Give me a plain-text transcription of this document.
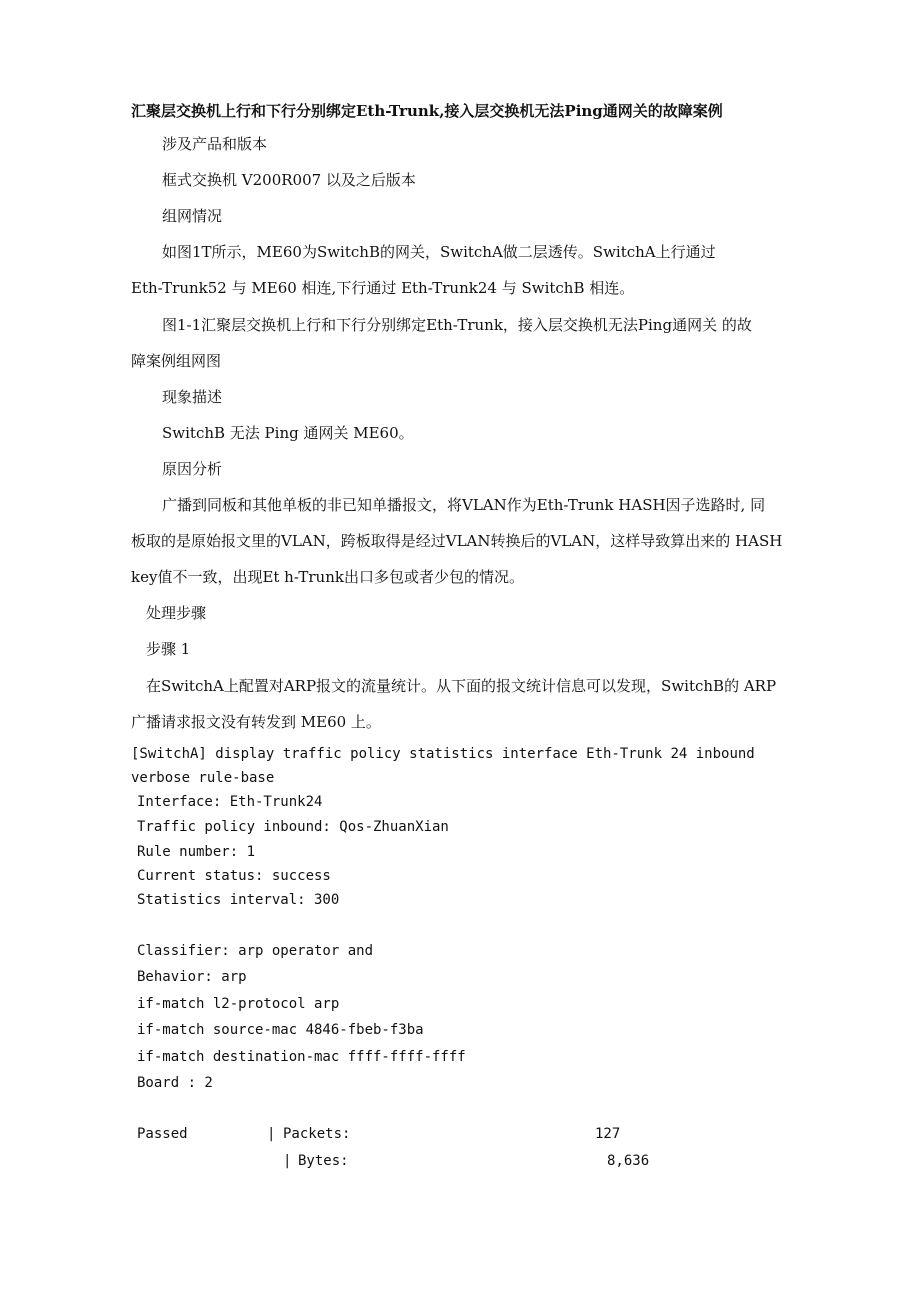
汇聚层交换机上行和下行分别绑定Eth-Trunk,接入层交换机无法Ping通网关的故障案例
涉及产品和版本
框式交换机 V200R007 以及之后版本
组网情况
如图1T所示，ME60为SwitchB的网关，SwitchA做二层透传。SwitchA上行通过
Eth-Trunk52 与 ME60 相连,下行通过 Eth-Trunk24 与 SwitchB 相连。
图1-1汇聚层交换机上行和下行分别绑定Eth-Trunk，接入层交换机无法Ping通网关 的故
障案例组网图
现象描述
SwitchB 无法 Ping 通网关 ME60。
原因分析
广播到同板和其他单板的非已知单播报文，将VLAN作为Eth-Trunk HASH因子选路时, 同
板取的是原始报文里的VLAN，跨板取得是经过VLAN转换后的VLAN，这样导致算出来的 HASH
key值不一致，出现Et h-Trunk出口多包或者少包的情况。
处理步骤
步骤 1
在SwitchA上配置对ARP报文的流量统计。从下面的报文统计信息可以发现，SwitchB的 ARP
广播请求报文没有转发到 ME60 上。
[SwitchA] display traffic policy statistics interface Eth-Trunk 24 inbound
verbose rule-base
Interface: Eth-Trunk24
Traffic policy inbound: Qos-ZhuanXian
Rule number: 1
Current status: success
Statistics interval: 300
Classifier: arp operator and
Behavior: arp
if-match l2-protocol arp
if-match source-mac 4846-fbeb-f3ba
if-match destination-mac ffff-ffff-ffff
Board : 2
Passed	| Packets:	127
| Bytes:	8,636
